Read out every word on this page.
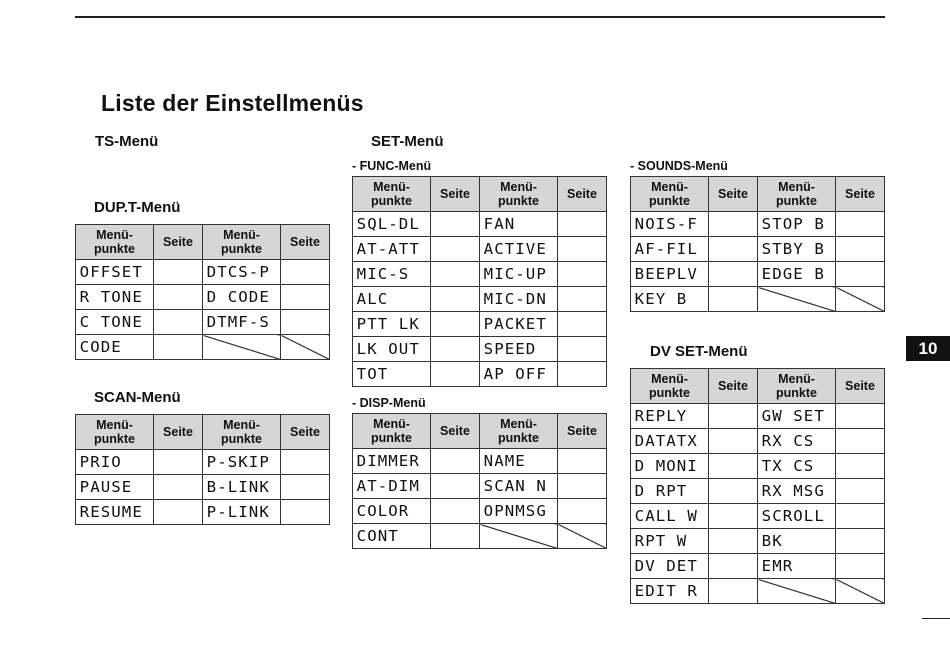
Liste der Einstellmenüs
TS-Menü
DUP.T-Menü
SCAN-Menü
SET-Menü
- FUNC-Menü
- DISP-Menü
- SOUNDS-Menü
DV SET-Menü
Menü-
punkte	Seite	Menü-
punkte	Seite
OFFSET		DTCS-P	
R TONE		D CODE	
C TONE		DTMF-S	
CODE			
Menü-
punkte	Seite	Menü-
punkte	Seite
PRIO		P-SKIP	
PAUSE		B-LINK	
RESUME		P-LINK	
Menü-
punkte	Seite	Menü-
punkte	Seite
SQL-DL		FAN	
AT-ATT		ACTIVE	
MIC-S		MIC-UP	
ALC		MIC-DN	
PTT LK		PACKET	
LK OUT		SPEED	
TOT		AP OFF	
Menü-
punkte	Seite	Menü-
punkte	Seite
DIMMER		NAME	
AT-DIM		SCAN N	
COLOR		OPNMSG	
CONT			
Menü-
punkte	Seite	Menü-
punkte	Seite
NOIS-F		STOP B	
AF-FIL		STBY B	
BEEPLV		EDGE B	
KEY B			
Menü-
punkte	Seite	Menü-
punkte	Seite
REPLY		GW SET	
DATATX		RX CS	
D MONI		TX CS	
D RPT		RX MSG	
CALL W		SCROLL	
RPT W		BK	
DV DET		EMR	
EDIT R			
10
